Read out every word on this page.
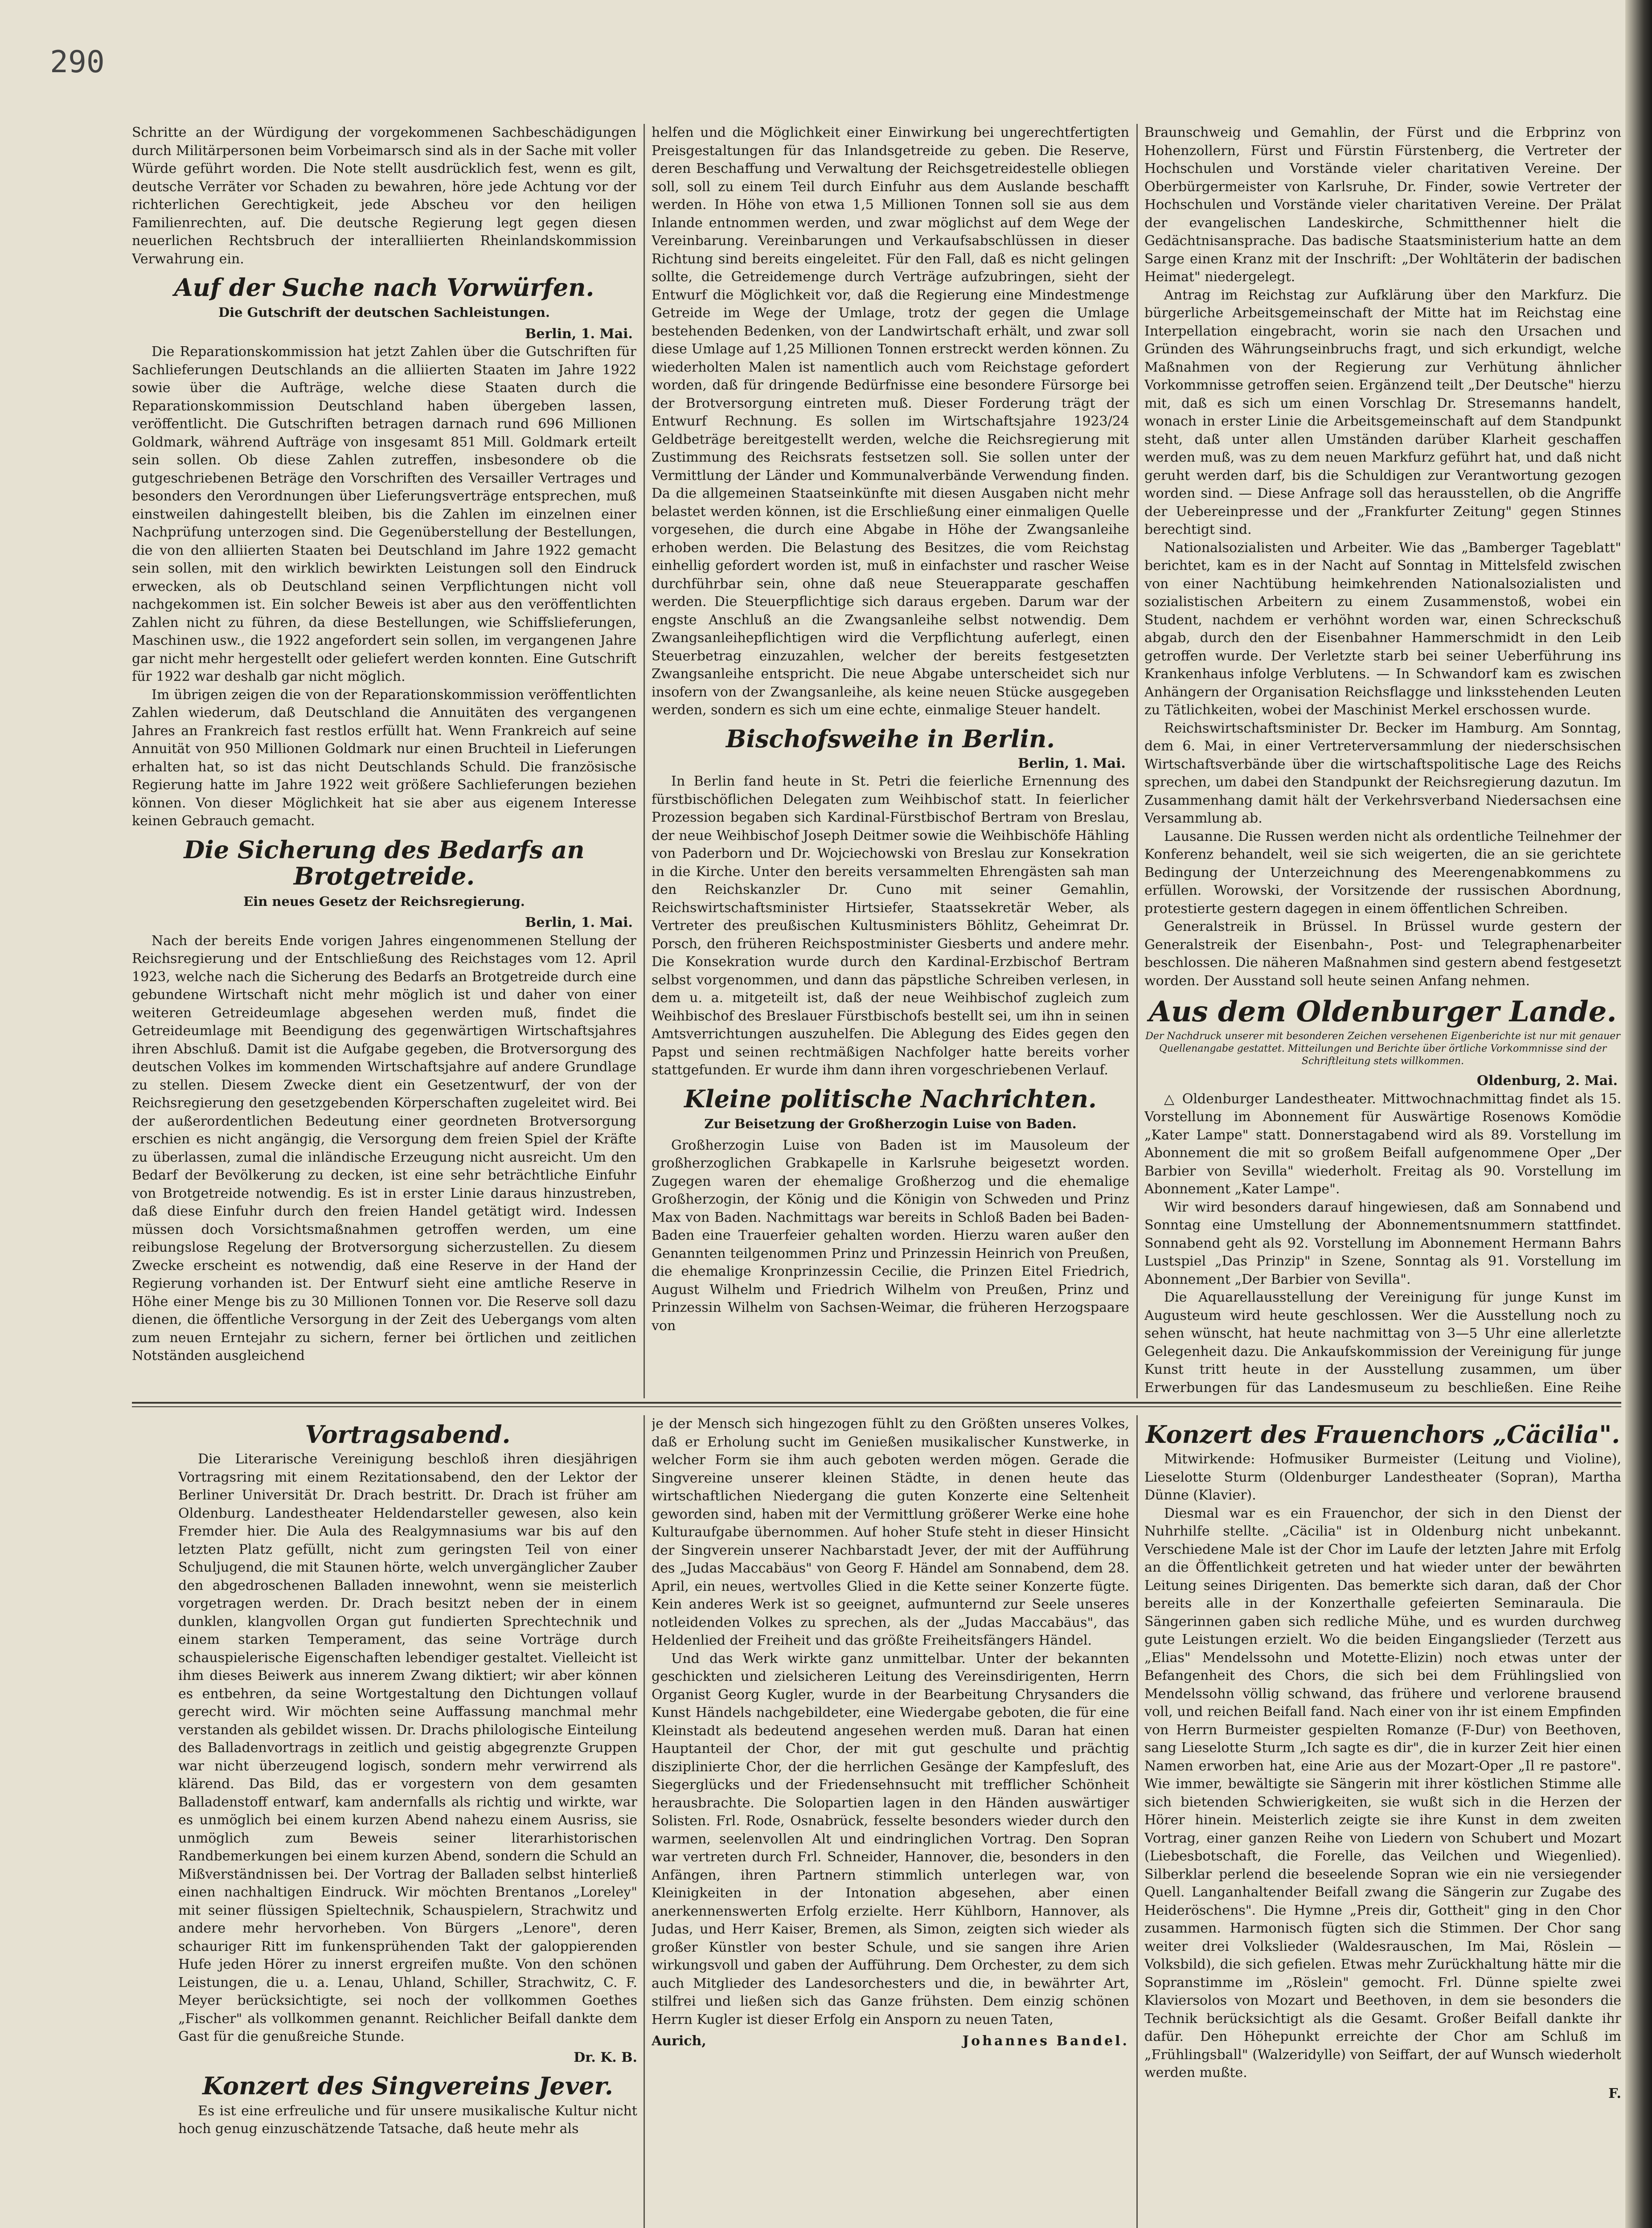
290

Schritte an der Würdigung der vorgekommenen Sachbeschädigungen durch Militärpersonen beim Vorbeimarsch sind als in der Sache mit voller Würde geführt worden. Die Note stellt ausdrücklich fest, wenn es gilt, deutsche Verräter vor Schaden zu bewahren, höre jede Achtung vor der richterlichen Gerechtigkeit, jede Abscheu vor den heiligen Familienrechten, auf. Die deutsche Regierung legt gegen diesen neuerlichen Rechtsbruch der interalliierten Rheinlandskommission Verwahrung ein.

Auf der Suche nach Vorwürfen.
Die Gutschrift der deutschen Sachleistungen.
Berlin, 1. Mai.

Die Reparationskommission hat jetzt Zahlen über die Gutschriften für Sachlieferungen Deutschlands an die alliierten Staaten im Jahre 1922 sowie über die Aufträge, welche diese Staaten durch die Reparationskommission Deutschland haben übergeben lassen, veröffentlicht. Die Gutschriften betragen darnach rund 696 Millionen Goldmark, während Aufträge von insgesamt 851 Mill. Goldmark erteilt sein sollen. Ob diese Zahlen zutreffen, insbesondere ob die gutgeschriebenen Beträge den Vorschriften des Versailler Vertrages und besonders den Verordnungen über Lieferungsverträge entsprechen, muß einstweilen dahingestellt bleiben, bis die Zahlen im einzelnen einer Nachprüfung unterzogen sind. Die Gegenüberstellung der Bestellungen, die von den alliierten Staaten bei Deutschland im Jahre 1922 gemacht sein sollen, mit den wirklich bewirkten Leistungen soll den Eindruck erwecken, als ob Deutschland seinen Verpflichtungen nicht voll nachgekommen ist. Ein solcher Beweis ist aber aus den veröffentlichten Zahlen nicht zu führen, da diese Bestellungen, wie Schiffslieferungen, Maschinen usw., die 1922 angefordert sein sollen, im vergangenen Jahre gar nicht mehr hergestellt oder geliefert werden konnten. Eine Gutschrift für 1922 war deshalb gar nicht möglich.

Im übrigen zeigen die von der Reparationskommission veröffentlichten Zahlen wiederum, daß Deutschland die Annuitäten des vergangenen Jahres an Frankreich fast restlos erfüllt hat. Wenn Frankreich auf seine Annuität von 950 Millionen Goldmark nur einen Bruchteil in Lieferungen erhalten hat, so ist das nicht Deutschlands Schuld. Die französische Regierung hatte im Jahre 1922 weit größere Sachlieferungen beziehen können. Von dieser Möglichkeit hat sie aber aus eigenem Interesse keinen Gebrauch gemacht.

Die Sicherung des Bedarfs an Brotgetreide.
Ein neues Gesetz der Reichsregierung.
Berlin, 1. Mai.

Nach der bereits Ende vorigen Jahres eingenommenen Stellung der Reichsregierung und der Entschließung des Reichstages vom 12. April 1923, welche nach die Sicherung des Bedarfs an Brotgetreide durch eine gebundene Wirtschaft nicht mehr möglich ist und daher von einer weiteren Getreideumlage abgesehen werden muß, findet die Getreideumlage mit Beendigung des gegenwärtigen Wirtschaftsjahres ihren Abschluß. Damit ist die Aufgabe gegeben, die Brotversorgung des deutschen Volkes im kommenden Wirtschaftsjahre auf andere Grundlage zu stellen. Diesem Zwecke dient ein Gesetzentwurf, der von der Reichsregierung den gesetzgebenden Körperschaften zugeleitet wird. Bei der außerordentlichen Bedeutung einer geordneten Brotversorgung erschien es nicht angängig, die Versorgung dem freien Spiel der Kräfte zu überlassen, zumal die inländische Erzeugung nicht ausreicht. Um den Bedarf der Bevölkerung zu decken, ist eine sehr beträchtliche Einfuhr von Brotgetreide notwendig. Es ist in erster Linie daraus hinzustreben, daß diese Einfuhr durch den freien Handel getätigt wird. Indessen müssen doch Vorsichtsmaßnahmen getroffen werden, um eine reibungslose Regelung der Brotversorgung sicherzustellen. Zu diesem Zwecke erscheint es notwendig, daß eine Reserve in der Hand der Regierung vorhanden ist. Der Entwurf sieht eine amtliche Reserve in Höhe einer Menge bis zu 30 Millionen Tonnen vor. Die Reserve soll dazu dienen, die öffentliche Versorgung in der Zeit des Uebergangs vom alten zum neuen Erntejahr zu sichern, ferner bei örtlichen und zeitlichen Notständen ausgleichend

helfen und die Möglichkeit einer Einwirkung bei ungerechtfertigten Preisgestaltungen für das Inlandsgetreide zu geben. Die Reserve, deren Beschaffung und Verwaltung der Reichsgetreidestelle obliegen soll, soll zu einem Teil durch Einfuhr aus dem Auslande beschafft werden. In Höhe von etwa 1,5 Millionen Tonnen soll sie aus dem Inlande entnommen werden, und zwar möglichst auf dem Wege der Vereinbarung. Vereinbarungen und Verkaufsabschlüssen in dieser Richtung sind bereits eingeleitet. Für den Fall, daß es nicht gelingen sollte, die Getreidemenge durch Verträge aufzubringen, sieht der Entwurf die Möglichkeit vor, daß die Regierung eine Mindestmenge Getreide im Wege der Umlage, trotz der gegen die Umlage bestehenden Bedenken, von der Landwirtschaft erhält, und zwar soll diese Umlage auf 1,25 Millionen Tonnen erstreckt werden können. Zu wiederholten Malen ist namentlich auch vom Reichstage gefordert worden, daß für dringende Bedürfnisse eine besondere Fürsorge bei der Brotversorgung eintreten muß. Dieser Forderung trägt der Entwurf Rechnung. Es sollen im Wirtschaftsjahre 1923/24 Geldbeträge bereitgestellt werden, welche die Reichsregierung mit Zustimmung des Reichsrats festsetzen soll. Sie sollen unter der Vermittlung der Länder und Kommunalverbände Verwendung finden. Da die allgemeinen Staatseinkünfte mit diesen Ausgaben nicht mehr belastet werden können, ist die Erschließung einer einmaligen Quelle vorgesehen, die durch eine Abgabe in Höhe der Zwangsanleihe erhoben werden. Die Belastung des Besitzes, die vom Reichstag einhellig gefordert worden ist, muß in einfachster und rascher Weise durchführbar sein, ohne daß neue Steuerapparate geschaffen werden. Die Steuerpflichtige sich daraus ergeben. Darum war der engste Anschluß an die Zwangsanleihe selbst notwendig. Dem Zwangsanleihepflichtigen wird die Verpflichtung auferlegt, einen Steuerbetrag einzuzahlen, welcher der bereits festgesetzten Zwangsanleihe entspricht. Die neue Abgabe unterscheidet sich nur insofern von der Zwangsanleihe, als keine neuen Stücke ausgegeben werden, sondern es sich um eine echte, einmalige Steuer handelt.

Bischofsweihe in Berlin.
Berlin, 1. Mai.

In Berlin fand heute in St. Petri die feierliche Ernennung des fürstbischöflichen Delegaten zum Weihbischof statt. In feierlicher Prozession begaben sich Kardinal-Fürstbischof Bertram von Breslau, der neue Weihbischof Joseph Deitmer sowie die Weihbischöfe Hähling von Paderborn und Dr. Wojciechowski von Breslau zur Konsekration in die Kirche. Unter den bereits versammelten Ehrengästen sah man den Reichskanzler Dr. Cuno mit seiner Gemahlin, Reichswirtschaftsminister Hirtsiefer, Staatssekretär Weber, als Vertreter des preußischen Kultusministers Böhlitz, Geheimrat Dr. Porsch, den früheren Reichspostminister Giesberts und andere mehr. Die Konsekration wurde durch den Kardinal-Erzbischof Bertram selbst vorgenommen, und dann das päpstliche Schreiben verlesen, in dem u. a. mitgeteilt ist, daß der neue Weihbischof zugleich zum Weihbischof des Breslauer Fürstbischofs bestellt sei, um ihn in seinen Amtsverrichtungen auszuhelfen. Die Ablegung des Eides gegen den Papst und seinen rechtmäßigen Nachfolger hatte bereits vorher stattgefunden. Er wurde ihm dann ihren vorgeschriebenen Verlauf.

Kleine politische Nachrichten.
Zur Beisetzung der Großherzogin Luise von Baden.

Großherzogin Luise von Baden ist im Mausoleum der großherzoglichen Grabkapelle in Karlsruhe beigesetzt worden. Zugegen waren der ehemalige Großherzog und die ehemalige Großherzogin, der König und die Königin von Schweden und Prinz Max von Baden. Nachmittags war bereits in Schloß Baden bei Baden-Baden eine Trauerfeier gehalten worden. Hierzu waren außer den Genannten teilgenommen Prinz und Prinzessin Heinrich von Preußen, die ehemalige Kronprinzessin Cecilie, die Prinzen Eitel Friedrich, August Wilhelm und Friedrich Wilhelm von Preußen, Prinz und Prinzessin Wilhelm von Sachsen-Weimar, die früheren Herzogspaare von

Braunschweig und Gemahlin, der Fürst und die Erbprinz von Hohenzollern, Fürst und Fürstin Fürstenberg, die Vertreter der Hochschulen und Vorstände vieler charitativen Vereine. Der Oberbürgermeister von Karlsruhe, Dr. Finder, sowie Vertreter der Hochschulen und Vorstände vieler charitativen Vereine. Der Prälat der evangelischen Landeskirche, Schmitthenner hielt die Gedächtnisansprache. Das badische Staatsministerium hatte an dem Sarge einen Kranz mit der Inschrift: „Der Wohltäterin der badischen Heimat" niedergelegt.

Antrag im Reichstag zur Aufklärung über den Markfurz. Die bürgerliche Arbeitsgemeinschaft der Mitte hat im Reichstag eine Interpellation eingebracht, worin sie nach den Ursachen und Gründen des Währungseinbruchs fragt, und sich erkundigt, welche Maßnahmen von der Regierung zur Verhütung ähnlicher Vorkommnisse getroffen seien. Ergänzend teilt „Der Deutsche" hierzu mit, daß es sich um einen Vorschlag Dr. Stresemanns handelt, wonach in erster Linie die Arbeitsgemeinschaft auf dem Standpunkt steht, daß unter allen Umständen darüber Klarheit geschaffen werden muß, was zu dem neuen Markfurz geführt hat, und daß nicht geruht werden darf, bis die Schuldigen zur Verantwortung gezogen worden sind. — Diese Anfrage soll das herausstellen, ob die Angriffe der Uebereinpresse und der „Frankfurter Zeitung" gegen Stinnes berechtigt sind.

Nationalsozialisten und Arbeiter. Wie das „Bamberger Tageblatt" berichtet, kam es in der Nacht auf Sonntag in Mittelsfeld zwischen von einer Nachtübung heimkehrenden Nationalsozialisten und sozialistischen Arbeitern zu einem Zusammenstoß, wobei ein Student, nachdem er verhöhnt worden war, einen Schreckschuß abgab, durch den der Eisenbahner Hammerschmidt in den Leib getroffen wurde. Der Verletzte starb bei seiner Ueberführung ins Krankenhaus infolge Verblutens. — In Schwandorf kam es zwischen Anhängern der Organisation Reichsflagge und linksstehenden Leuten zu Tätlichkeiten, wobei der Maschinist Merkel erschossen wurde.

Reichswirtschaftsminister Dr. Becker im Hamburg. Am Sonntag, dem 6. Mai, in einer Vertreterversammlung der niederschsischen Wirtschaftsverbände über die wirtschaftspolitische Lage des Reichs sprechen, um dabei den Standpunkt der Reichsregierung dazutun. Im Zusammenhang damit hält der Verkehrsverband Niedersachsen eine Versammlung ab.

Lausanne. Die Russen werden nicht als ordentliche Teilnehmer der Konferenz behandelt, weil sie sich weigerten, die an sie gerichtete Bedingung der Unterzeichnung des Meerengenabkommens zu erfüllen. Worowski, der Vorsitzende der russischen Abordnung, protestierte gestern dagegen in einem öffentlichen Schreiben.

Generalstreik in Brüssel. In Brüssel wurde gestern der Generalstreik der Eisenbahn-, Post- und Telegraphenarbeiter beschlossen. Die näheren Maßnahmen sind gestern abend festgesetzt worden. Der Ausstand soll heute seinen Anfang nehmen.

Aus dem Oldenburger Lande.
Der Nachdruck unserer mit besonderen Zeichen versehenen Eigenberichte ist nur mit genauer Quellenangabe gestattet. Mitteilungen und Berichte über örtliche Vorkommnisse sind der Schriftleitung stets willkommen.
Oldenburg, 2. Mai.

△ Oldenburger Landestheater. Mittwochnachmittag findet als 15. Vorstellung im Abonnement für Auswärtige Rosenows Komödie „Kater Lampe" statt. Donnerstagabend wird als 89. Vorstellung im Abonnement die mit so großem Beifall aufgenommene Oper „Der Barbier von Sevilla" wiederholt. Freitag als 90. Vorstellung im Abonnement „Kater Lampe".

Wir wird besonders darauf hingewiesen, daß am Sonnabend und Sonntag eine Umstellung der Abonnementsnummern stattfindet. Sonnabend geht als 92. Vorstellung im Abonnement Hermann Bahrs Lustspiel „Das Prinzip" in Szene, Sonntag als 91. Vorstellung im Abonnement „Der Barbier von Sevilla".

Die Aquarellausstellung der Vereinigung für junge Kunst im Augusteum wird heute geschlossen. Wer die Ausstellung noch zu sehen wünscht, hat heute nachmittag von 3—5 Uhr eine allerletzte Gelegenheit dazu. Die Ankaufskommission der Vereinigung für junge Kunst tritt heute in der Ausstellung zusammen, um über Erwerbungen für das Landesmuseum zu beschließen. Eine Reihe

Vortragsabend.

Die Literarische Vereinigung beschloß ihren diesjährigen Vortragsring mit einem Rezitationsabend, den der Lektor der Berliner Universität Dr. Drach bestritt. Dr. Drach ist früher am Oldenburg. Landestheater Heldendarsteller gewesen, also kein Fremder hier. Die Aula des Realgymnasiums war bis auf den letzten Platz gefüllt, nicht zum geringsten Teil von einer Schuljugend, die mit Staunen hörte, welch unvergänglicher Zauber den abgedroschenen Balladen innewohnt, wenn sie meisterlich vorgetragen werden. Dr. Drach besitzt neben der in einem dunklen, klangvollen Organ gut fundierten Sprechtechnik und einem starken Temperament, das seine Vorträge durch schauspielerische Eigenschaften lebendiger gestaltet. Vielleicht ist ihm dieses Beiwerk aus innerem Zwang diktiert; wir aber können es entbehren, da seine Wortgestaltung den Dichtungen vollauf gerecht wird. Wir möchten seine Auffassung manchmal mehr verstanden als gebildet wissen. Dr. Drachs philologische Einteilung des Balladenvortrags in zeitlich und geistig abgegrenzte Gruppen war nicht überzeugend logisch, sondern mehr verwirrend als klärend. Das Bild, das er vorgestern von dem gesamten Balladenstoff entwarf, kam andernfalls als richtig und wirkte, war es unmöglich bei einem kurzen Abend nahezu einem Ausriss, sie unmöglich zum Beweis seiner literarhistorischen Randbemerkungen bei einem kurzen Abend, sondern die Schuld an Mißverständnissen bei. Der Vortrag der Balladen selbst hinterließ einen nachhaltigen Eindruck. Wir möchten Brentanos „Loreley" mit seiner flüssigen Spieltechnik, Schauspielern, Strachwitz und andere mehr hervorheben. Von Bürgers „Lenore", deren schauriger Ritt im funkensprühenden Takt der galoppierenden Hufe jeden Hörer zu innerst ergreifen mußte. Von den schönen Leistungen, die u. a. Lenau, Uhland, Schiller, Strachwitz, C. F. Meyer berücksichtigte, sei noch der vollkommen Goethes „Fischer" als vollkommen genannt. Reichlicher Beifall dankte dem Gast für die genußreiche Stunde.

Dr. K. B.
Konzert des Singvereins Jever.

Es ist eine erfreuliche und für unsere musikalische Kultur nicht hoch genug einzuschätzende Tatsache, daß heute mehr als

je der Mensch sich hingezogen fühlt zu den Größten unseres Volkes, daß er Erholung sucht im Genießen musikalischer Kunstwerke, in welcher Form sie ihm auch geboten werden mögen. Gerade die Singvereine unserer kleinen Städte, in denen heute das wirtschaftlichen Niedergang die guten Konzerte eine Seltenheit geworden sind, haben mit der Vermittlung größerer Werke eine hohe Kulturaufgabe übernommen. Auf hoher Stufe steht in dieser Hinsicht der Singverein unserer Nachbarstadt Jever, der mit der Aufführung des „Judas Maccabäus" von Georg F. Händel am Sonnabend, dem 28. April, ein neues, wertvolles Glied in die Kette seiner Konzerte fügte. Kein anderes Werk ist so geeignet, aufmunternd zur Seele unseres notleidenden Volkes zu sprechen, als der „Judas Maccabäus", das Heldenlied der Freiheit und das größte Freiheitsfängers Händel.

Und das Werk wirkte ganz unmittelbar. Unter der bekannten geschickten und zielsicheren Leitung des Vereinsdirigenten, Herrn Organist Georg Kugler, wurde in der Bearbeitung Chrysanders die Kunst Händels nachgebildeter, eine Wiedergabe geboten, die für eine Kleinstadt als bedeutend angesehen werden muß. Daran hat einen Hauptanteil der Chor, der mit gut geschulte und prächtig disziplinierte Chor, der die herrlichen Gesänge der Kampfesluft, des Siegerglücks und der Friedensehnsucht mit trefflicher Schönheit herausbrachte. Die Solopartien lagen in den Händen auswärtiger Solisten. Frl. Rode, Osnabrück, fesselte besonders wieder durch den warmen, seelenvollen Alt und eindringlichen Vortrag. Den Sopran war vertreten durch Frl. Schneider, Hannover, die, besonders in den Anfängen, ihren Partnern stimmlich unterlegen war, von Kleinigkeiten in der Intonation abgesehen, aber einen anerkennenswerten Erfolg erzielte. Herr Kühlborn, Hannover, als Judas, und Herr Kaiser, Bremen, als Simon, zeigten sich wieder als großer Künstler von bester Schule, und sie sangen ihre Arien wirkungsvoll und gaben der Aufführung. Dem Orchester, zu dem sich auch Mitglieder des Landesorchesters und die, in bewährter Art, stilfrei und ließen sich das Ganze frühsten. Dem einzig schönen Herrn Kugler ist dieser Erfolg ein Ansporn zu neuen Taten,

Aurich,	Johannes Bandel.
Konzert des Frauenchors „Cäcilia".

Mitwirkende: Hofmusiker Burmeister (Leitung und Violine), Lieselotte Sturm (Oldenburger Landestheater (Sopran), Martha Dünne (Klavier).

Diesmal war es ein Frauenchor, der sich in den Dienst der Nuhrhilfe stellte. „Cäcilia" ist in Oldenburg nicht unbekannt. Verschiedene Male ist der Chor im Laufe der letzten Jahre mit Erfolg an die Öffentlichkeit getreten und hat wieder unter der bewährten Leitung seines Dirigenten. Das bemerkte sich daran, daß der Chor bereits alle in der Konzerthalle gefeierten Seminaraula. Die Sängerinnen gaben sich redliche Mühe, und es wurden durchweg gute Leistungen erzielt. Wo die beiden Eingangslieder (Terzett aus „Elias" Mendelssohn und Motette-Elizin) noch etwas unter der Befangenheit des Chors, die sich bei dem Frühlingslied von Mendelssohn völlig schwand, das frühere und verlorene brausend voll, und reichen Beifall fand. Nach einer von ihr ist einem Empfinden von Herrn Burmeister gespielten Romanze (F-Dur) von Beethoven, sang Lieselotte Sturm „Ich sagte es dir", die in kurzer Zeit hier einen Namen erworben hat, eine Arie aus der Mozart-Oper „Il re pastore". Wie immer, bewältigte sie Sängerin mit ihrer köstlichen Stimme alle sich bietenden Schwierigkeiten, sie wußt sich in die Herzen der Hörer hinein. Meisterlich zeigte sie ihre Kunst in dem zweiten Vortrag, einer ganzen Reihe von Liedern von Schubert und Mozart (Liebesbotschaft, die Forelle, das Veilchen und Wiegenlied). Silberklar perlend die beseelende Sopran wie ein nie versiegender Quell. Langanhaltender Beifall zwang die Sängerin zur Zugabe des Heideröschens". Die Hymne „Preis dir, Gottheit" ging in den Chor zusammen. Harmonisch fügten sich die Stimmen. Der Chor sang weiter drei Volkslieder (Waldesrauschen, Im Mai, Röslein — Volksbild), die sich gefielen. Etwas mehr Zurückhaltung hätte mir die Sopranstimme im „Röslein" gemocht. Frl. Dünne spielte zwei Klaviersolos von Mozart und Beethoven, in dem sie besonders die Technik berücksichtigt als die Gesamt. Großer Beifall dankte ihr dafür. Den Höhepunkt erreichte der Chor am Schluß im „Frühlingsball" (Walzeridylle) von Seiffart, der auf Wunsch wiederholt werden mußte.

F.
